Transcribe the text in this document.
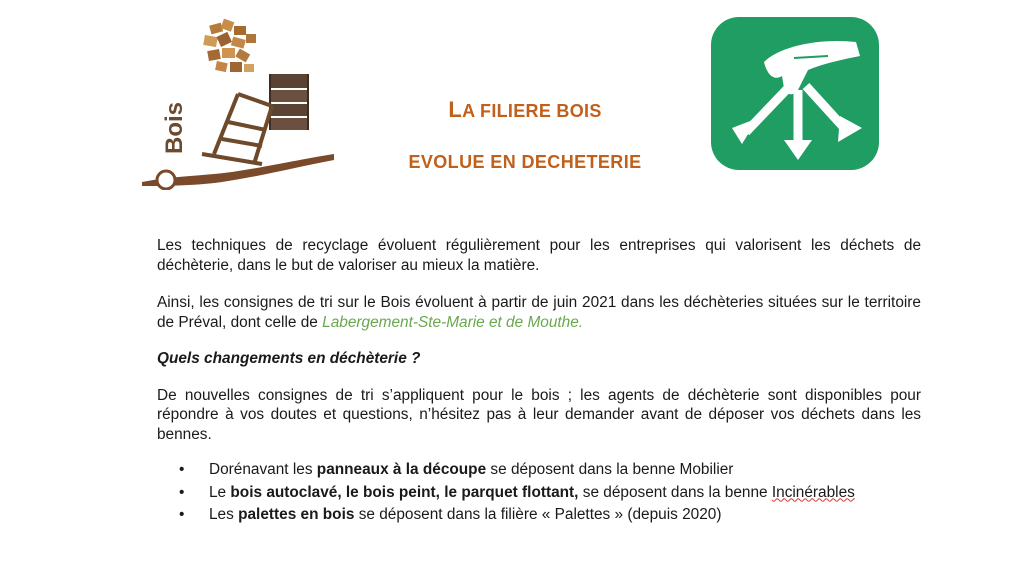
Bois	LA FILIERE BOIS
EVOLUE EN DECHETERIE

Les techniques de recyclage évoluent régulièrement pour les entreprises qui valorisent les déchets de déchèterie, dans le but de valoriser au mieux la matière.

Ainsi, les consignes de tri sur le Bois évoluent à partir de juin 2021 dans les déchèteries situées sur le territoire de Préval, dont celle de Labergement-Ste-Marie et de Mouthe.

Quels changements en déchèterie ?

De nouvelles consignes de tri s’appliquent pour le bois ; les agents de déchèterie sont disponibles pour répondre à vos doutes et questions, n’hésitez pas à leur demander avant de déposer vos déchets dans les bennes.

• Dorénavant les panneaux à la découpe se déposent dans la benne Mobilier
• Le bois autoclavé, le bois peint, le parquet flottant, se déposent dans la benne Incinérables
• Les palettes en bois se déposent dans la filière « Palettes » (depuis 2020)
